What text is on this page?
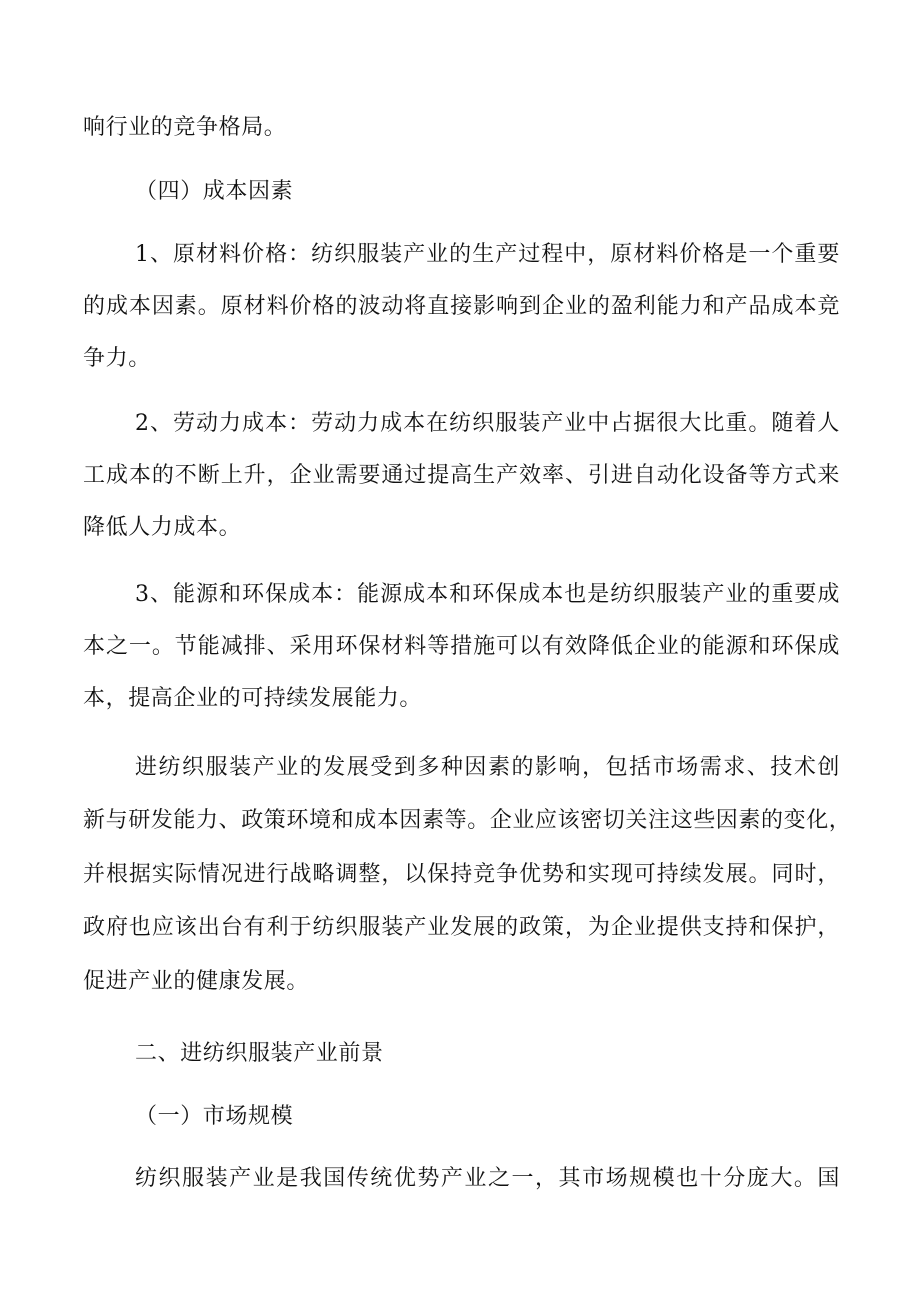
响行业的竞争格局。
（四）成本因素
1、原材料价格：纺织服装产业的生产过程中，原材料价格是一个重要
的成本因素。原材料价格的波动将直接影响到企业的盈利能力和产品成本竞
争力。
2、劳动力成本：劳动力成本在纺织服装产业中占据很大比重。随着人
工成本的不断上升，企业需要通过提高生产效率、引进自动化设备等方式来
降低人力成本。
3、能源和环保成本：能源成本和环保成本也是纺织服装产业的重要成
本之一。节能减排、采用环保材料等措施可以有效降低企业的能源和环保成
本，提高企业的可持续发展能力。
进纺织服装产业的发展受到多种因素的影响，包括市场需求、技术创
新与研发能力、政策环境和成本因素等。企业应该密切关注这些因素的变化，
并根据实际情况进行战略调整，以保持竞争优势和实现可持续发展。同时，
政府也应该出台有利于纺织服装产业发展的政策，为企业提供支持和保护，
促进产业的健康发展。
二、进纺织服装产业前景
（一）市场规模
纺织服装产业是我国传统优势产业之一，其市场规模也十分庞大。国
